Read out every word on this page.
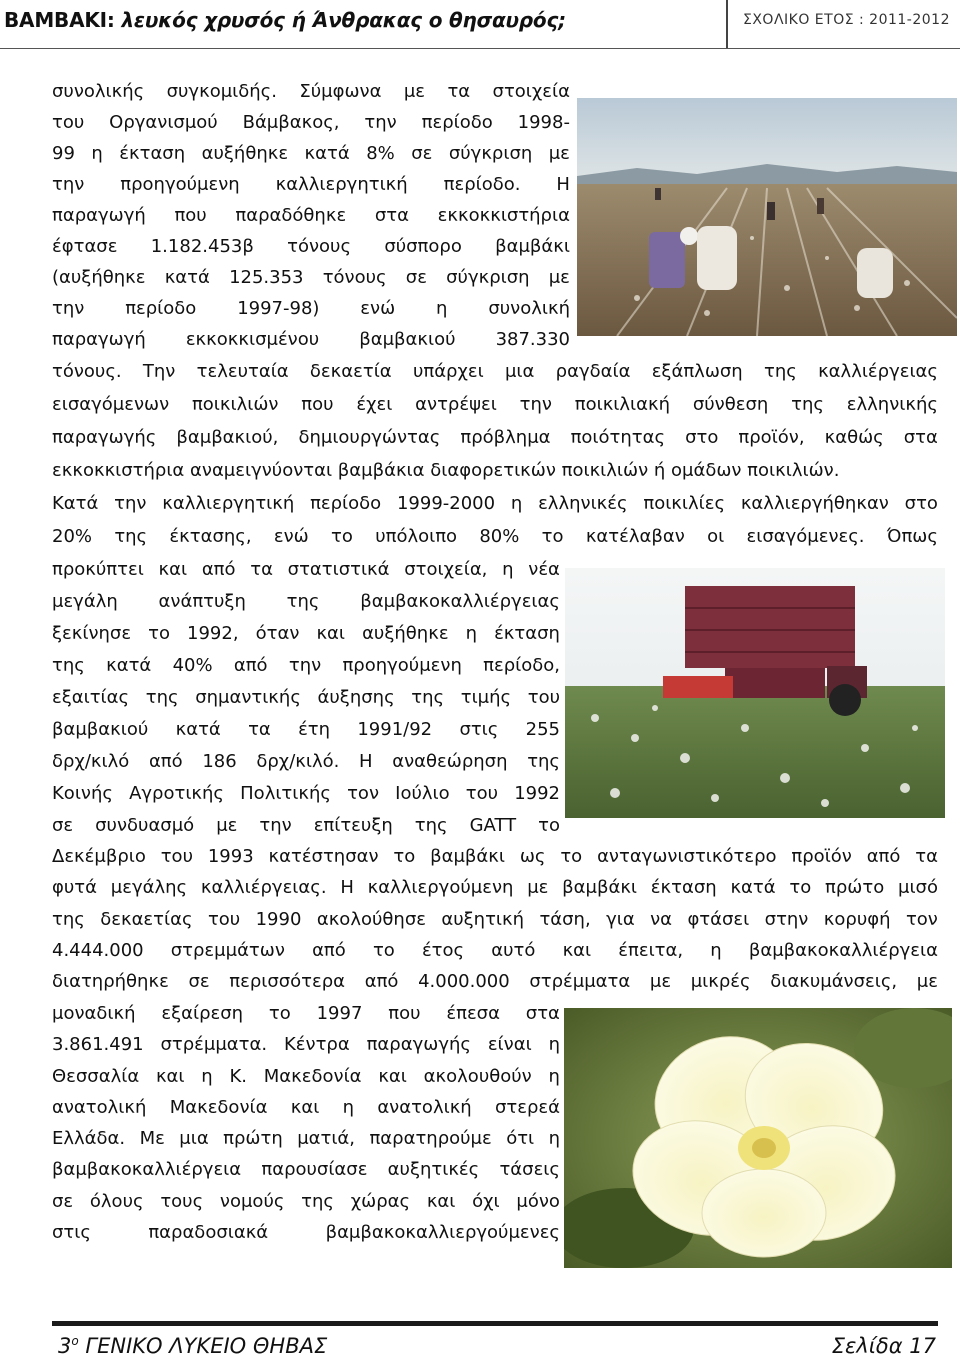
ΒΑΜΒΑΚΙ: λευκός χρυσός ή Άνθρακας ο θησαυρός;	ΣΧΟΛΙΚΟ ΕΤΟΣ : 2011-2012
συνολικής συγκομιδής. Σύμφωνα με τα στοιχεία
του Οργανισμού Βάμβακος, την περίοδο 1998-
99 η έκταση αυξήθηκε κατά 8% σε σύγκριση με
την προηγούμενη καλλιεργητική περίοδο. Η
παραγωγή που παραδόθηκε στα εκκοκκιστήρια
έφτασε 1.182.453β τόνους σύσπορο βαμβάκι
(αυξήθηκε κατά 125.353 τόνους σε σύγκριση με
την περίοδο 1997-98) ενώ η συνολική
παραγωγή εκκοκκισμένου βαμβακιού 387.330
τόνους. Την τελευταία δεκαετία υπάρχει μια ραγδαία εξάπλωση της καλλιέργειας
εισαγόμενων ποικιλιών που έχει αντρέψει την ποικιλιακή σύνθεση της ελληνικής
παραγωγής βαμβακιού, δημιουργώντας πρόβλημα ποιότητας στο προϊόν, καθώς στα
εκκοκκιστήρια αναμειγνύονται βαμβάκια διαφορετικών ποικιλιών ή ομάδων ποικιλιών.
Κατά την καλλιεργητική περίοδο 1999-2000 η ελληνικές ποικιλίες καλλιεργήθηκαν στο
20% της έκτασης, ενώ το υπόλοιπο 80% το κατέλαβαν οι εισαγόμενες. Όπως
προκύπτει και από τα στατιστικά στοιχεία, η νέα
μεγάλη ανάπτυξη της βαμβακοκαλλιέργειας
ξεκίνησε το 1992, όταν και αυξήθηκε η έκταση
της κατά 40% από την προηγούμενη περίοδο,
εξαιτίας της σημαντικής άυξησης της τιμής του
βαμβακιού κατά τα έτη 1991/92 στις 255
δρχ/κιλό από 186 δρχ/κιλό. Η αναθεώρηση της
Κοινής Αγροτικής Πολιτικής τον Ιούλιο του 1992
σε συνδυασμό με την επίτευξη της GATT το
Δεκέμβριο του 1993 κατέστησαν το βαμβάκι ως το ανταγωνιστικότερο προϊόν από τα
φυτά μεγάλης καλλιέργειας. Η καλλιεργούμενη με βαμβάκι έκταση κατά το πρώτο μισό
της δεκαετίας του 1990 ακολούθησε αυξητική τάση, για να φτάσει στην κορυφή τον
4.444.000 στρεμμάτων από το έτος αυτό και έπειτα, η βαμβακοκαλλιέργεια
διατηρήθηκε σε περισσότερα από 4.000.000 στρέμματα με μικρές διακυμάνσεις, με
μοναδική εξαίρεση το 1997 που έπεσα στα
3.861.491 στρέμματα. Κέντρα παραγωγής είναι η
Θεσσαλία και η Κ. Μακεδονία και ακολουθούν η
ανατολική Μακεδονία και η ανατολική στερεά
Ελλάδα. Με μια πρώτη ματιά, παρατηρούμε ότι η
βαμβακοκαλλιέργεια παρουσίασε αυξητικές τάσεις
σε όλους τους νομούς της χώρας και όχι μόνο
στις	παραδοσιακά	βαμβακοκαλλιεργούμενες
$3^o$ ΓΕΝΙΚΟ ΛΥΚΕΙΟ ΘΗΒΑΣ	Σελίδα 17
